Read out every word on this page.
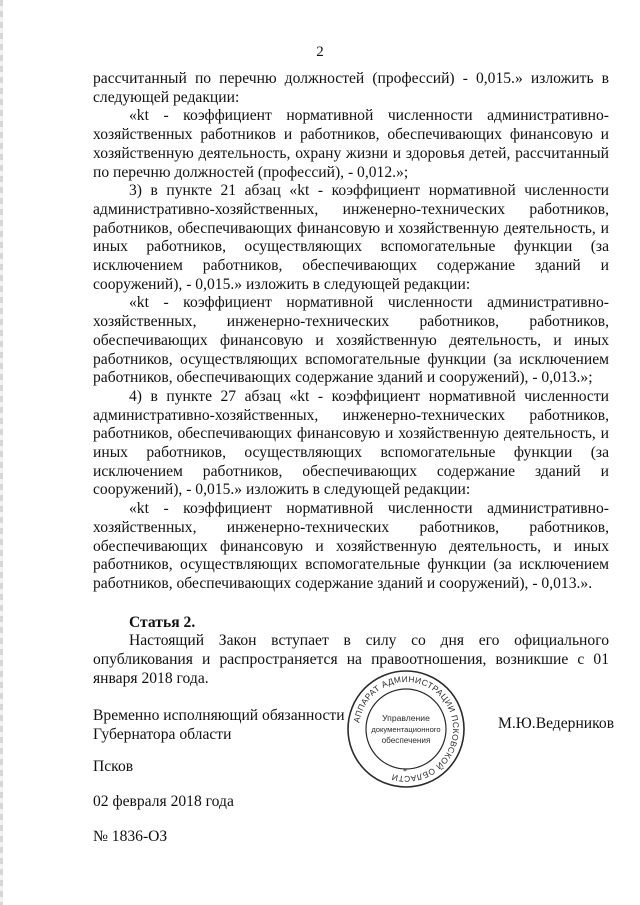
2

рассчитанный по перечню должностей (профессий) - 0,015.» изложить в следующей редакции:

«kt - коэффициент нормативной численности административно-хозяйственных работников и работников, обеспечивающих финансовую и хозяйственную деятельность, охрану жизни и здоровья детей, рассчитанный по перечню должностей (профессий), - 0,012.»;

3) в пункте 21 абзац «kt - коэффициент нормативной численности административно-хозяйственных, инженерно-технических работников, работников, обеспечивающих финансовую и хозяйственную деятельность, и иных работников, осуществляющих вспомогательные функции (за исключением работников, обеспечивающих содержание зданий и сооружений), - 0,015.» изложить в следующей редакции:

«kt - коэффициент нормативной численности административно-хозяйственных, инженерно-технических работников, работников, обеспечивающих финансовую и хозяйственную деятельность, и иных работников, осуществляющих вспомогательные функции (за исключением работников, обеспечивающих содержание зданий и сооружений), - 0,013.»;

4) в пункте 27 абзац «kt - коэффициент нормативной численности административно-хозяйственных, инженерно-технических работников, работников, обеспечивающих финансовую и хозяйственную деятельность, и иных работников, осуществляющих вспомогательные функции (за исключением работников, обеспечивающих содержание зданий и сооружений), - 0,015.» изложить в следующей редакции:

«kt - коэффициент нормативной численности административно-хозяйственных, инженерно-технических работников, работников, обеспечивающих финансовую и хозяйственную деятельность, и иных работников, осуществляющих вспомогательные функции (за исключением работников, обеспечивающих содержание зданий и сооружений), - 0,013.».

Статья 2.

Настоящий Закон вступает в силу со дня его официального опубликования и распространяется на правоотношения, возникшие с 01 января 2018 года.

Временно исполняющий обязанности
Губернатора области
М.Ю.Ведерников
АППАРАТ АДМИНИСТРАЦИИ ПСКОВСКОЙ ОБЛАСТИ
Управление
документационного
обеспечения
*
Псков
02 февраля 2018 года
№ 1836-ОЗ
